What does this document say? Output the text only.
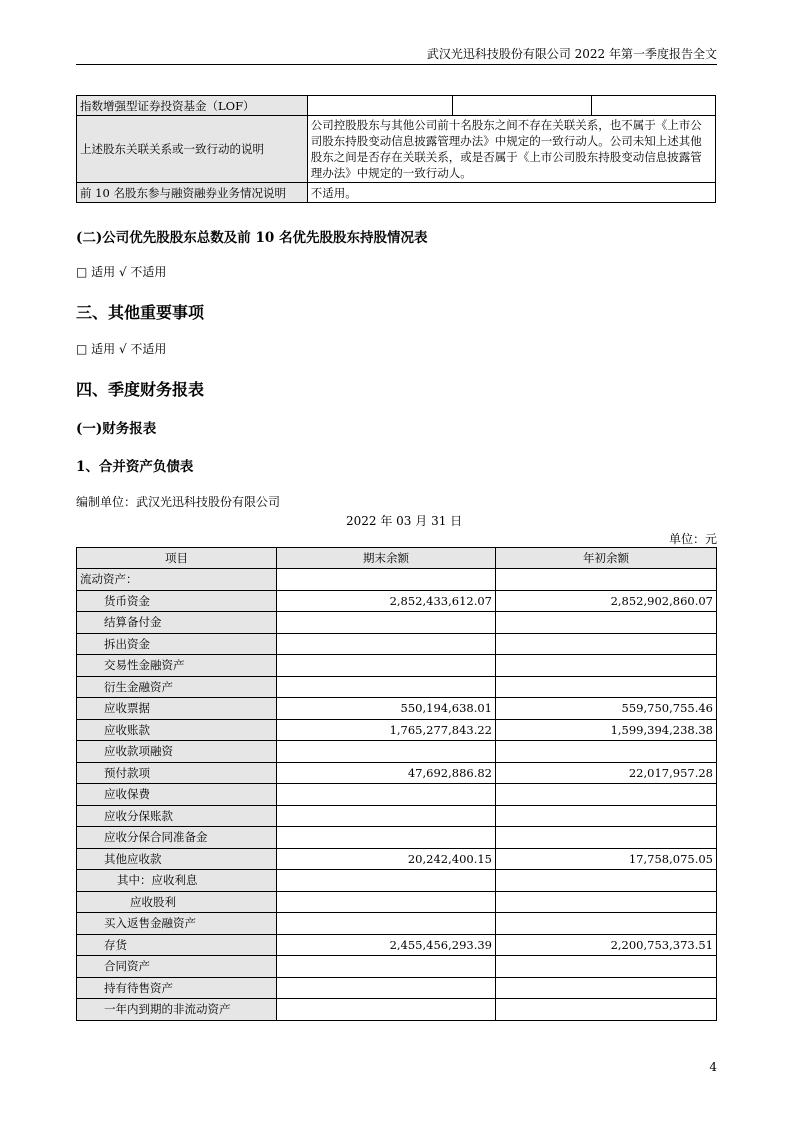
武汉光迅科技股份有限公司 2022 年第一季度报告全文
指数增强型证券投资基金（LOF）			
上述股东关联关系或一致行动的说明	公司控股股东与其他公司前十名股东之间不存在关联关系，也不属于《上市公司股东持股变动信息披露管理办法》中规定的一致行动人。公司未知上述其他股东之间是否存在关联关系，或是否属于《上市公司股东持股变动信息披露管理办法》中规定的一致行动人。		
前 10 名股东参与融资融券业务情况说明	不适用。		
(二)公司优先股股东总数及前 10 名优先股股东持股情况表
□ 适用 √ 不适用
三、其他重要事项
□ 适用 √ 不适用
四、季度财务报表
(一)财务报表
1、合并资产负债表
编制单位：武汉光迅科技股份有限公司
2022 年 03 月 31 日
单位：元
项目	期末余额	年初余额
流动资产：		
货币资金	2,852,433,612.07	2,852,902,860.07
结算备付金		
拆出资金		
交易性金融资产		
衍生金融资产		
应收票据	550,194,638.01	559,750,755.46
应收账款	1,765,277,843.22	1,599,394,238.38
应收款项融资		
预付款项	47,692,886.82	22,017,957.28
应收保费		
应收分保账款		
应收分保合同准备金		
其他应收款	20,242,400.15	17,758,075.05
其中：应收利息		
应收股利		
买入返售金融资产		
存货	2,455,456,293.39	2,200,753,373.51
合同资产		
持有待售资产		
一年内到期的非流动资产		
4
